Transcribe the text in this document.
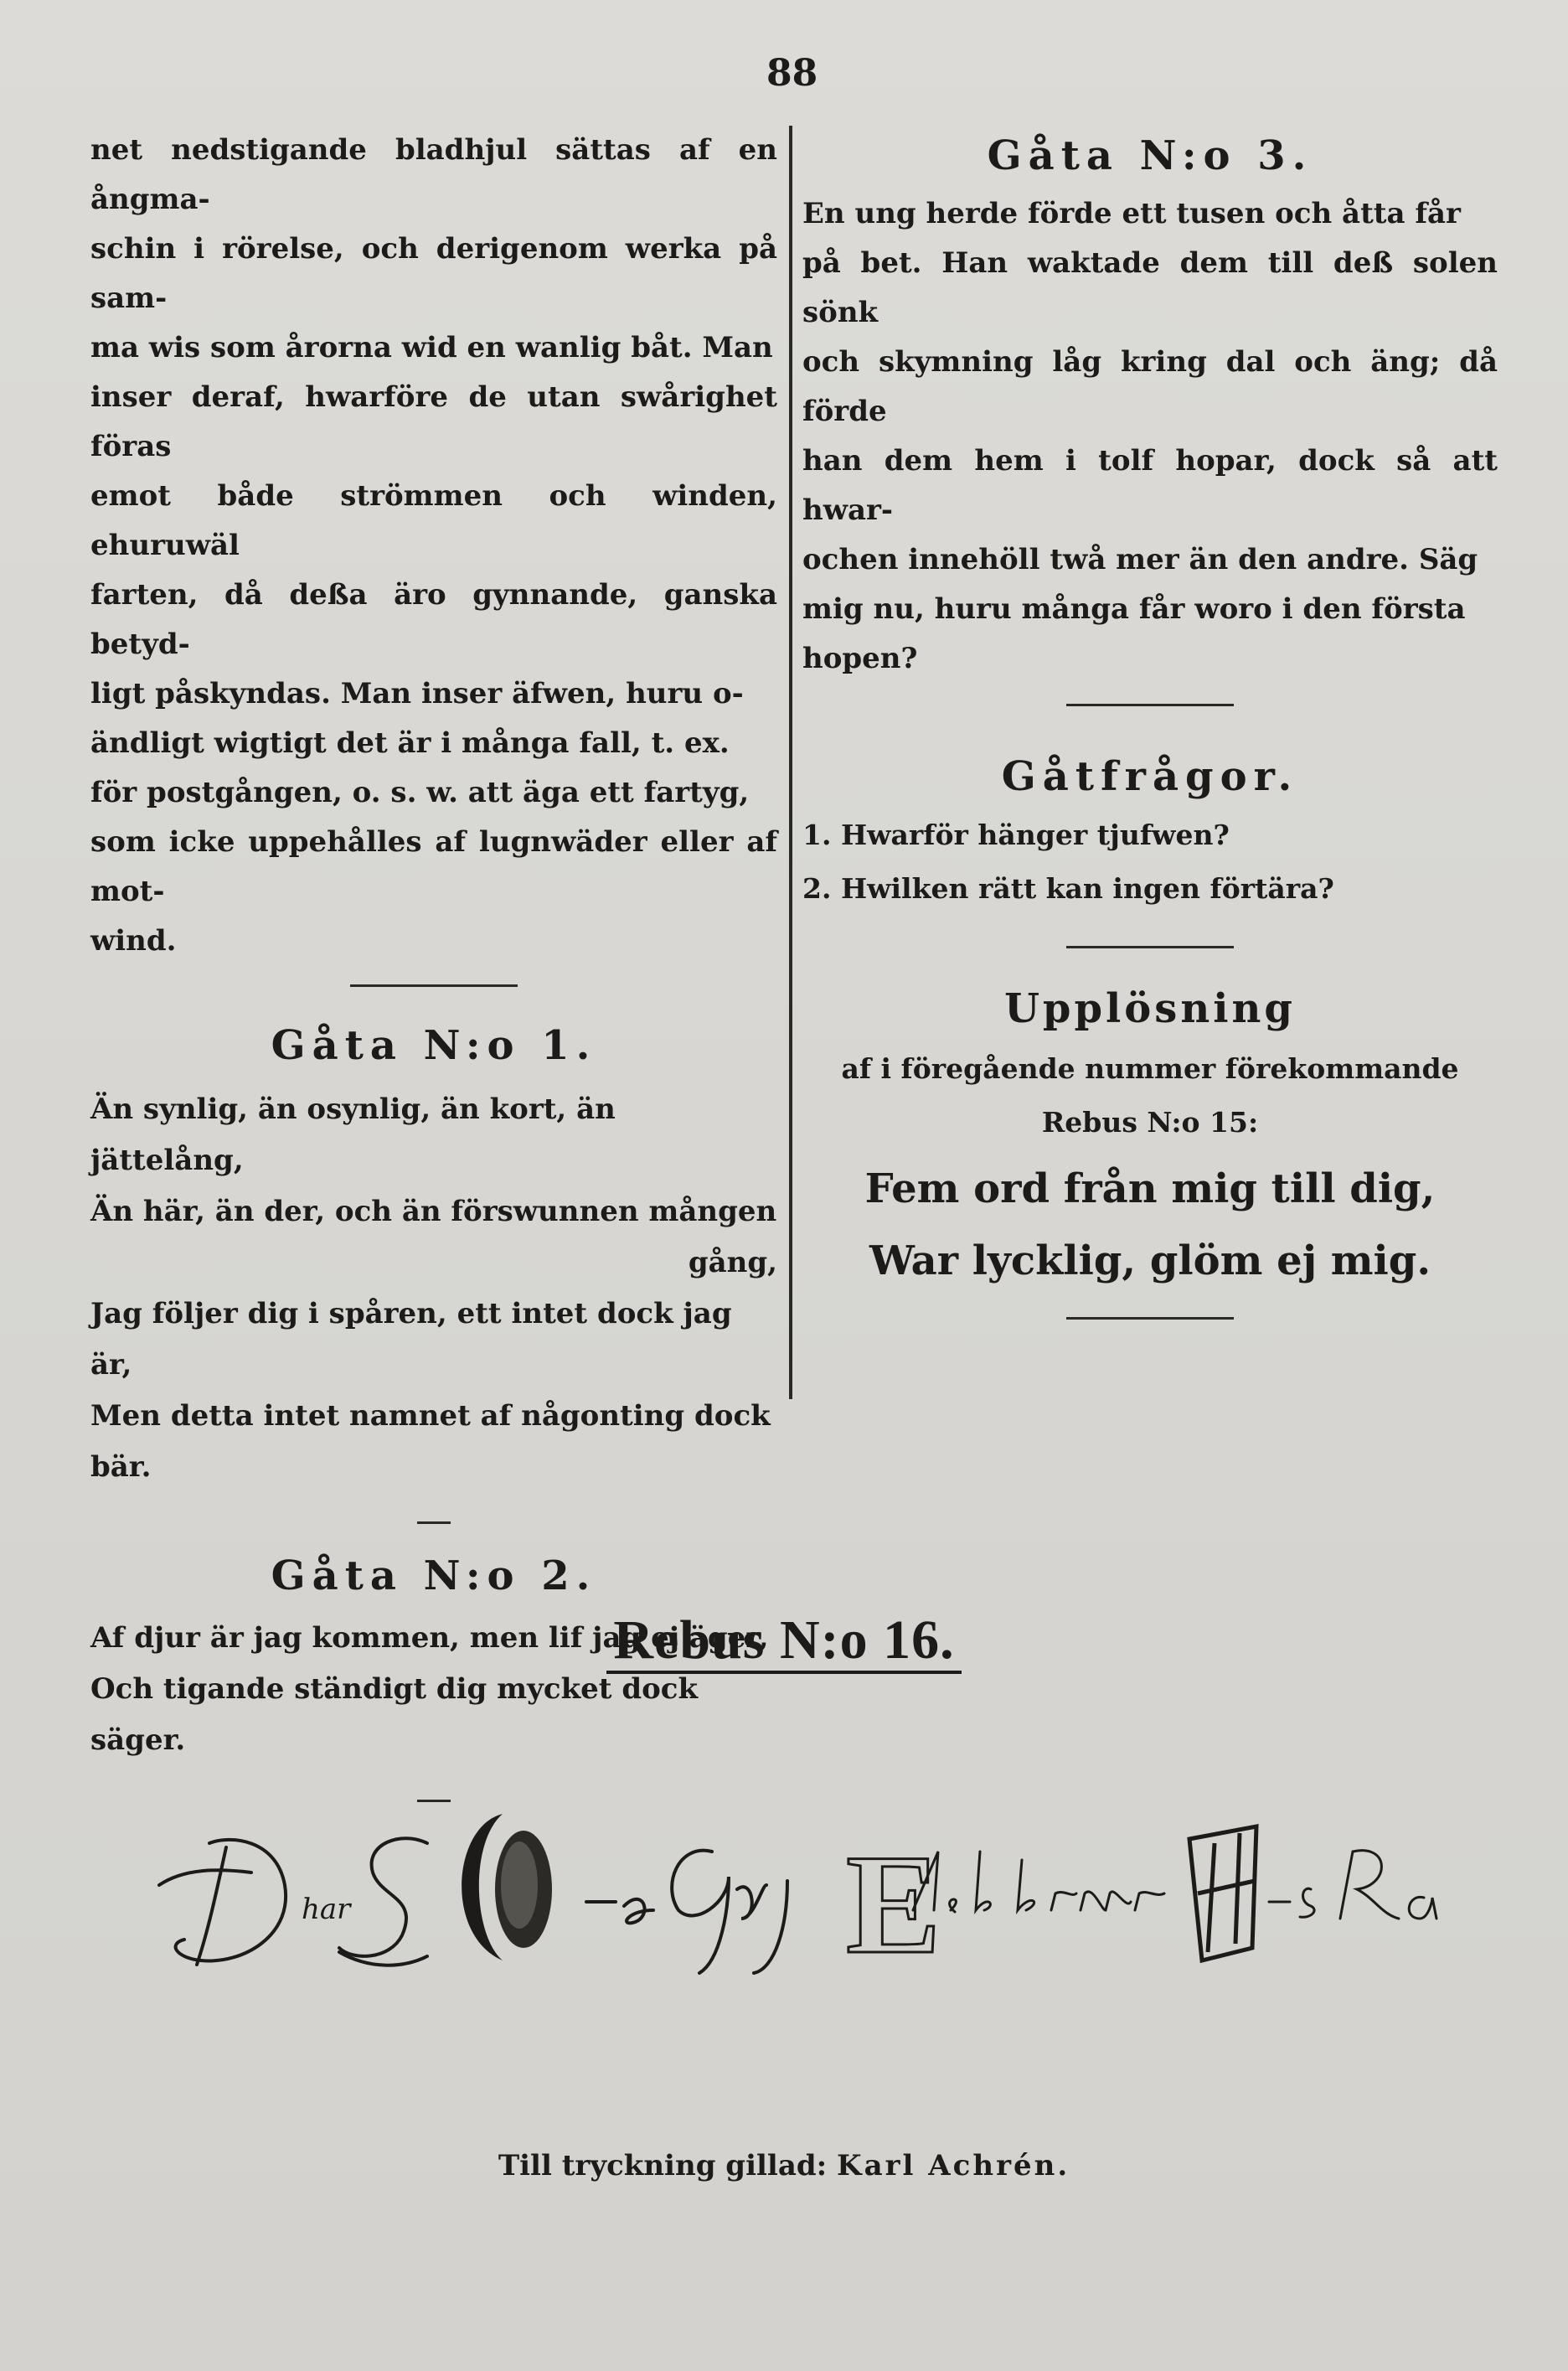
88
net nedstigande bladhjul sättas af en ångma-
schin i rörelse, och derigenom werka på sam-
ma wis som årorna wid en wanlig båt. Man
inser deraf, hwarföre de utan swårighet föras
emot både strömmen och winden, ehuruwäl
farten, då deßa äro gynnande, ganska betyd-
ligt påskyndas. Man inser äfwen, huru o-
ändligt wigtigt det är i många fall, t. ex.
för postgången, o. s. w. att äga ett fartyg,
som icke uppehålles af lugnwäder eller af mot-
wind.
Gåta N:o 1.
Än synlig, än osynlig, än kort, än jättelång,
Än här, än der, och än förswunnen mången
gång,
Jag följer dig i spåren, ett intet dock jag är,
Men detta intet namnet af någonting dock bär.
Gåta N:o 2.
Af djur är jag kommen, men lif jag ej äger,
Och tigande ständigt dig mycket dock säger.
Gåta N:o 3.
En ung herde förde ett tusen och åtta får
på bet. Han waktade dem till deß solen sönk
och skymning låg kring dal och äng; då förde
han dem hem i tolf hopar, dock så att hwar-
ochen innehöll twå mer än den andre. Säg
mig nu, huru många får woro i den första
hopen?
Gåtfrågor.
1. Hwarför hänger tjufwen?
2. Hwilken rätt kan ingen förtära?
Upplösning
af i föregående nummer förekommande
Rebus N:o 15:
Fem ord från mig till dig,
War lycklig, glöm ej mig.
Rebus N:o 16.
har	E
Till tryckning gillad: Karl Achrén.
